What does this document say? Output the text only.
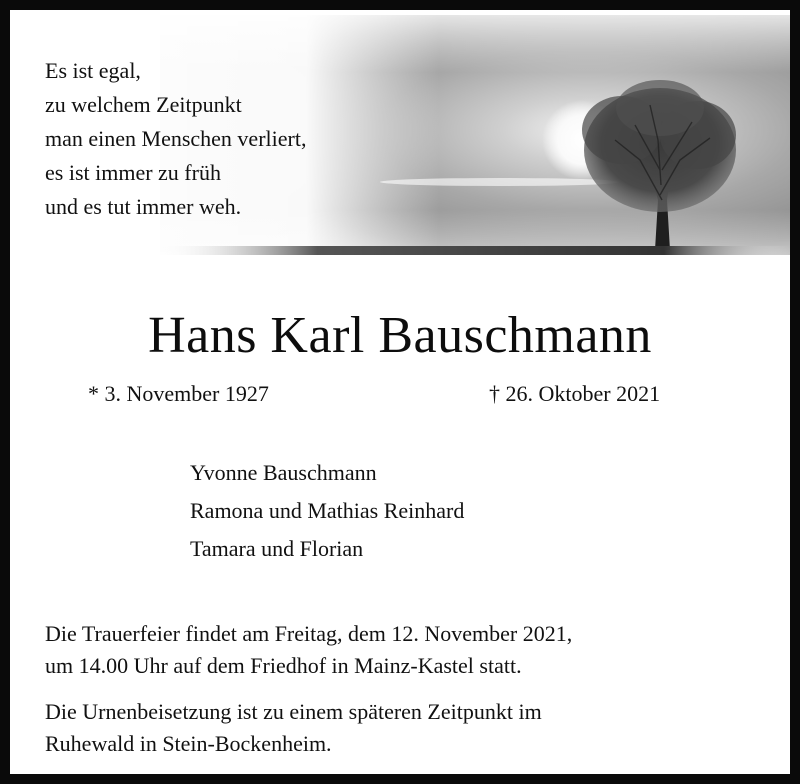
Es ist egal,
zu welchem Zeitpunkt
man einen Menschen verliert,
es ist immer zu früh
und es tut immer weh.
Hans Karl Bauschmann
* 3. November 1927	† 26. Oktober 2021
Yvonne Bauschmann
Ramona und Mathias Reinhard
Tamara und Florian
Die Trauerfeier findet am Freitag, dem 12. November 2021,
um 14.00 Uhr auf dem Friedhof in Mainz-Kastel statt.
Die Urnenbeisetzung ist zu einem späteren Zeitpunkt im
Ruhewald in Stein-Bockenheim.
